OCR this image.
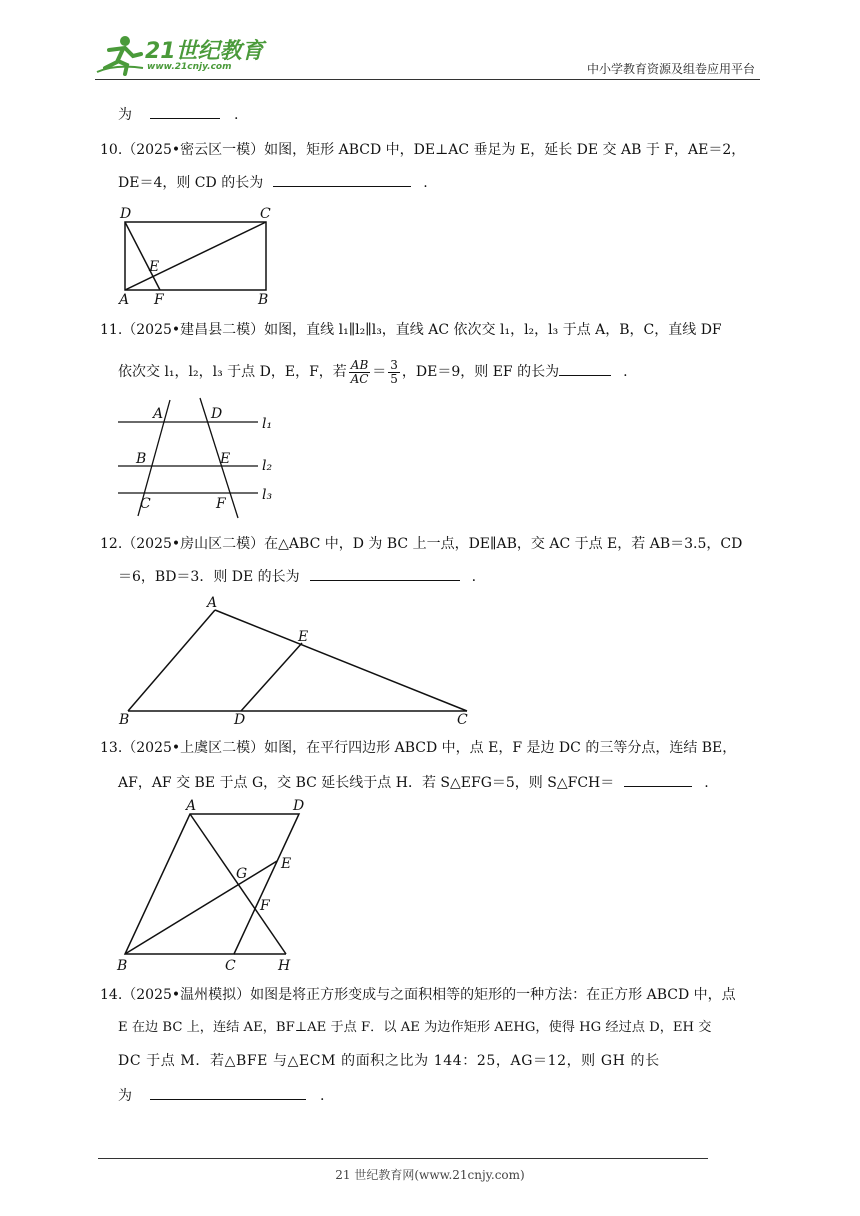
21世纪教育
www.21cnjy.com	中小学教育资源及组卷应用平台
为	.
10.（2025•密云区一模）如图，矩形 ABCD 中，DE⊥AC 垂足为 E，延长 DE 交 AB 于 F，AE＝2，
DE＝4，则 CD 的长为	.
D	C
E
A F	B
11.（2025•建昌县二模）如图，直线 l₁∥l₂∥l₃，直线 AC 依次交 l₁，l₂，l₃ 于点 A，B，C，直线 DF
依次交 l₁，l₂，l₃ 于点 D，E，F，若 $\frac{AB}{AC} = \frac{3}{5}$ ，DE＝9，则 EF 的长为	.
A	D
l₁
B	E l₂
C	F
l₃
12.（2025•房山区二模）在△ABC 中，D 为 BC 上一点，DE∥AB，交 AC 于点 E，若 AB＝3.5，CD
＝6，BD＝3．则 DE 的长为	.
A
E
B	D	C
13.（2025•上虞区二模）如图，在平行四边形 ABCD 中，点 E，F 是边 DC 的三等分点，连结 BE，
AF，AF 交 BE 于点 G，交 BC 延长线于点 H．若 S△EFG＝5，则 S△FCH＝	.
A	D
G
E
F
B	C	H
14.（2025•温州模拟）如图是将正方形变成与之面积相等的矩形的一种方法：在正方形 ABCD 中，点
E 在边 BC 上，连结 AE，BF⊥AE 于点 F．以 AE 为边作矩形 AEHG，使得 HG 经过点 D，EH 交
DC 于点 M．若△BFE 与△ECM 的面积之比为 144：25，AG＝12，则 GH 的长
为	.
21 世纪教育网(www.21cnjy.com)
